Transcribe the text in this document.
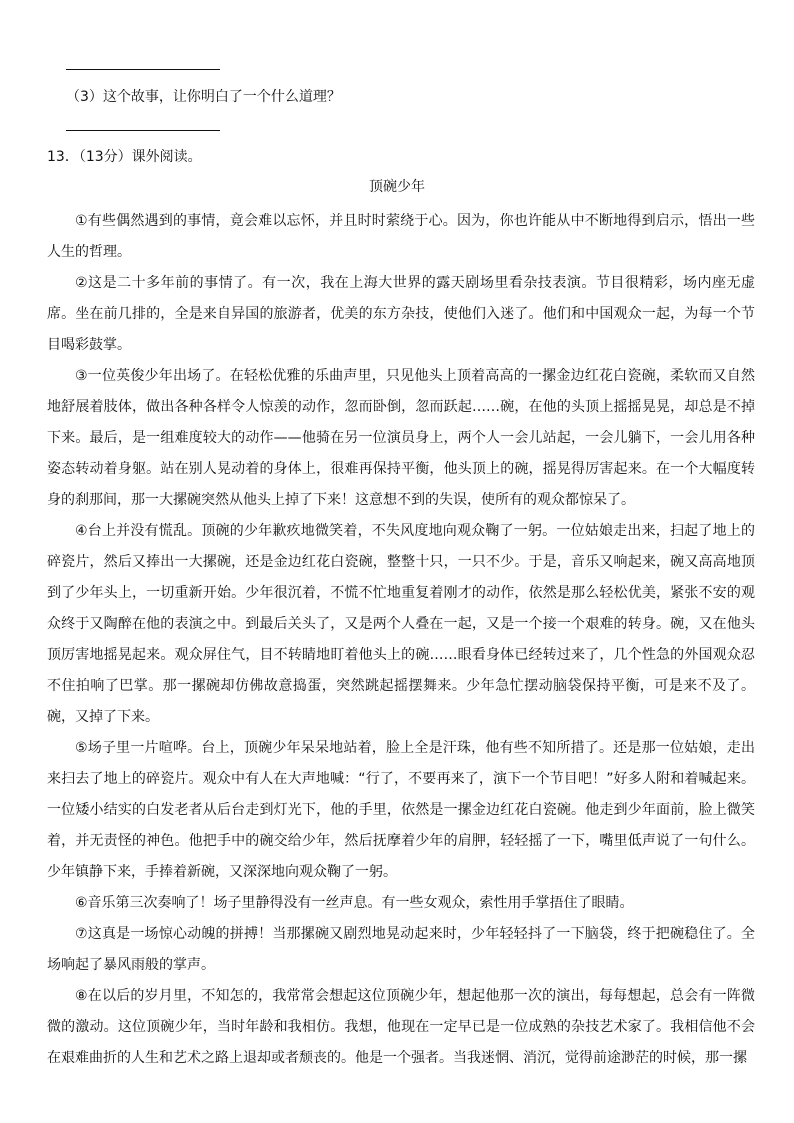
（3）这个故事，让你明白了一个什么道理？
13．（13分）课外阅读。
顶碗少年

①有些偶然遇到的事情，竟会难以忘怀，并且时时萦绕于心。因为，你也许能从中不断地得到启示，悟出一些人生的哲理。

②这是二十多年前的事情了。有一次，我在上海大世界的露天剧场里看杂技表演。节目很精彩，场内座无虚席。坐在前几排的，全是来自异国的旅游者，优美的东方杂技，使他们入迷了。他们和中国观众一起，为每一个节目喝彩鼓掌。

③一位英俊少年出场了。在轻松优雅的乐曲声里，只见他头上顶着高高的一摞金边红花白瓷碗，柔软而又自然地舒展着肢体，做出各种各样令人惊羡的动作，忽而卧倒，忽而跃起……碗，在他的头顶上摇摇晃晃，却总是不掉下来。最后，是一组难度较大的动作——他骑在另一位演员身上，两个人一会儿站起，一会儿躺下，一会儿用各种姿态转动着身躯。站在别人晃动着的身体上，很难再保持平衡，他头顶上的碗，摇晃得厉害起来。在一个大幅度转身的刹那间，那一大摞碗突然从他头上掉了下来！这意想不到的失误，使所有的观众都惊呆了。

④台上并没有慌乱。顶碗的少年歉疚地微笑着，不失风度地向观众鞠了一躬。一位姑娘走出来，扫起了地上的碎瓷片，然后又捧出一大摞碗，还是金边红花白瓷碗，整整十只，一只不少。于是，音乐又响起来，碗又高高地顶到了少年头上，一切重新开始。少年很沉着，不慌不忙地重复着刚才的动作，依然是那么轻松优美，紧张不安的观众终于又陶醉在他的表演之中。到最后关头了，又是两个人叠在一起，又是一个接一个艰难的转身。碗，又在他头顶厉害地摇晃起来。观众屏住气，目不转睛地盯着他头上的碗……眼看身体已经转过来了，几个性急的外国观众忍不住拍响了巴掌。那一摞碗却仿佛故意捣蛋，突然跳起摇摆舞来。少年急忙摆动脑袋保持平衡，可是来不及了。碗，又掉了下来。

⑤场子里一片喧哗。台上，顶碗少年呆呆地站着，脸上全是汗珠，他有些不知所措了。还是那一位姑娘，走出来扫去了地上的碎瓷片。观众中有人在大声地喊：“行了，不要再来了，演下一个节目吧！”好多人附和着喊起来。一位矮小结实的白发老者从后台走到灯光下，他的手里，依然是一摞金边红花白瓷碗。他走到少年面前，脸上微笑着，并无责怪的神色。他把手中的碗交给少年，然后抚摩着少年的肩胛，轻轻摇了一下，嘴里低声说了一句什么。少年镇静下来，手捧着新碗，又深深地向观众鞠了一躬。

⑥音乐第三次奏响了！场子里静得没有一丝声息。有一些女观众，索性用手掌捂住了眼睛。

⑦这真是一场惊心动魄的拼搏！当那摞碗又剧烈地晃动起来时，少年轻轻抖了一下脑袋，终于把碗稳住了。全场响起了暴风雨般的掌声。

⑧在以后的岁月里，不知怎的，我常常会想起这位顶碗少年，想起他那一次的演出，每每想起，总会有一阵微微的激动。这位顶碗少年，当时年龄和我相仿。我想，他现在一定早已是一位成熟的杂技艺术家了。我相信他不会在艰难曲折的人生和艺术之路上退却或者颓丧的。他是一个强者。当我迷惘、消沉，觉得前途渺茫的时候，那一摞
